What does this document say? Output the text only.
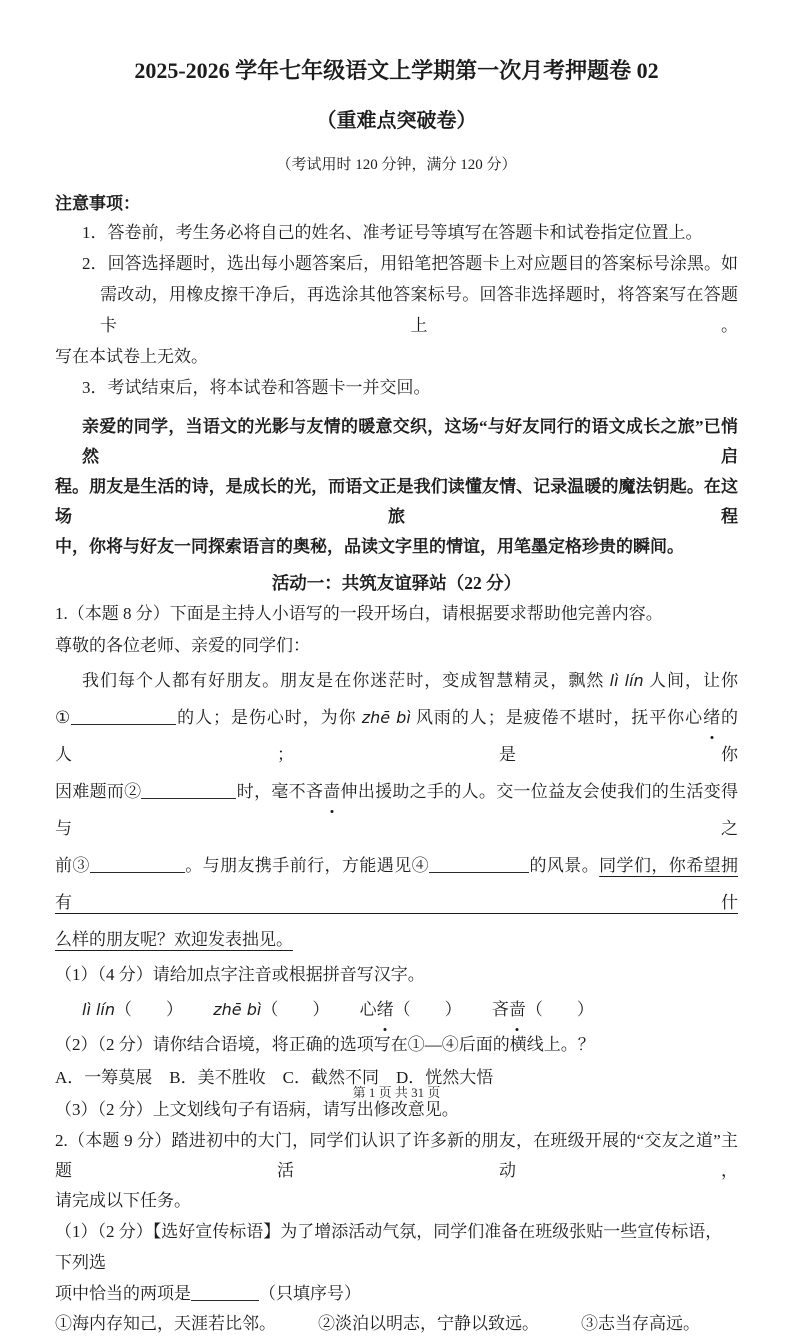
2025-2026 学年七年级语文上学期第一次月考押题卷 02
（重难点突破卷）
（考试用时 120 分钟，满分 120 分）
注意事项：
1．答卷前，考生务必将自己的姓名、准考证号等填写在答题卡和试卷指定位置上。
2．回答选择题时，选出每小题答案后，用铅笔把答题卡上对应题目的答案标号涂黑。如
需改动，用橡皮擦干净后，再选涂其他答案标号。回答非选择题时，将答案写在答题卡上。
写在本试卷上无效。
3．考试结束后，将本试卷和答题卡一并交回。
亲爱的同学，当语文的光影与友情的暖意交织，这场“与好友同行的语文成长之旅”已悄然启
程。朋友是生活的诗，是成长的光，而语文正是我们读懂友情、记录温暖的魔法钥匙。在这场旅程
中，你将与好友一同探索语言的奥秘，品读文字里的情谊，用笔墨定格珍贵的瞬间。
活动一：共筑友谊驿站（22 分）
1.（本题 8 分）下面是主持人小语写的一段开场白，请根据要求帮助他完善内容。
尊敬的各位老师、亲爱的同学们：
我们每个人都有好朋友。朋友是在你迷茫时，变成智慧精灵，飘然 lì lín 人间，让你
①	的人；是伤心时，为你 zhē bì 风雨的人；是疲倦不堪时，抚平你心绪的人；是你
因难题而②	时，毫不吝啬伸出援助之手的人。交一位益友会使我们的生活变得与之
前③	。与朋友携手前行，方能遇见④	的风景。同学们，你希望拥有什
么样的朋友呢？欢迎发表拙见。
（1）（4 分）请给加点字注音或根据拼音写汉字。
lì lín（　　） zhē bì（　　） 心绪（　　） 吝啬（　　）
（2）（2 分）请你结合语境，将正确的选项写在①—④后面的横线上。？
A．一筹莫展　B．美不胜收　C．截然不同　D．恍然大悟
（3）（2 分）上文划线句子有语病，请写出修改意见。
2.（本题 9 分）踏进初中的大门，同学们认识了许多新的朋友，在班级开展的“交友之道”主题活动，
请完成以下任务。
（1）（2 分）【选好宣传标语】为了增添活动气氛，同学们准备在班级张贴一些宣传标语，下列选
项中恰当的两项是	（只填序号）
①海内存知己，天涯若比邻。 ②淡泊以明志，宁静以致远。 ③志当存高远。
第 1 页 共 31 页
